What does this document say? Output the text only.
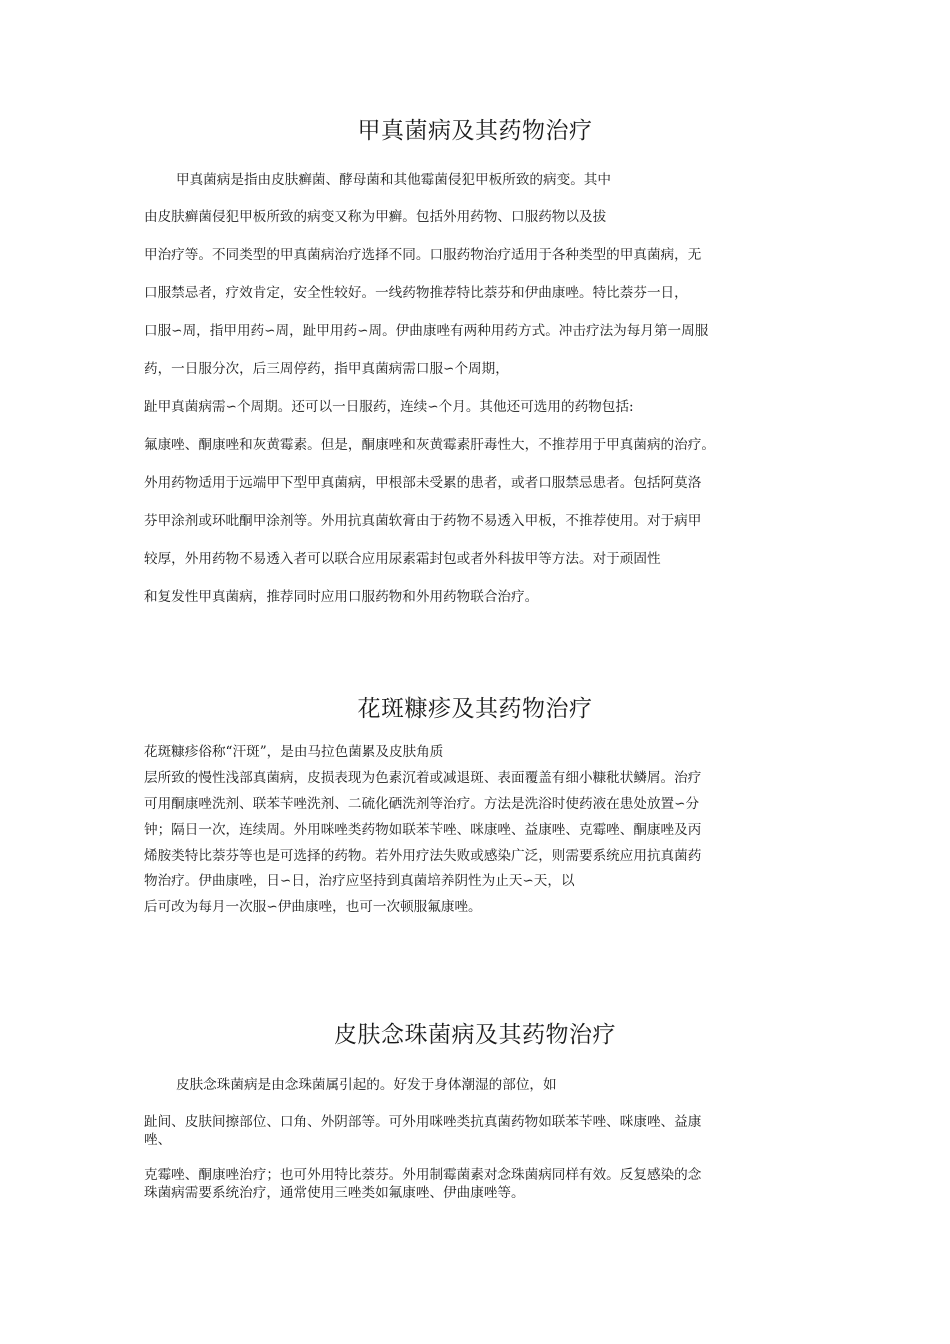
甲真菌病及其药物治疗
甲真菌病是指由皮肤癣菌、酵母菌和其他霉菌侵犯甲板所致的病变。其中
由皮肤癣菌侵犯甲板所致的病变又称为甲癣。包括外用药物、口服药物以及拔
甲治疗等。不同类型的甲真菌病治疗选择不同。口服药物治疗适用于各种类型的甲真菌病，无
口服禁忌者，疗效肯定，安全性较好。一线药物推荐特比萘芬和伊曲康唑。特比萘芬一日，
口服∽周，指甲用药∽周，趾甲用药∽周。伊曲康唑有两种用药方式。冲击疗法为每月第一周服
药，一日服分次，后三周停药，指甲真菌病需口服∽个周期，
趾甲真菌病需∽个周期。还可以一日服药，连续∽个月。其他还可选用的药物包括:
氟康唑、酮康唑和灰黄霉素。但是，酮康唑和灰黄霉素肝毒性大，不推荐用于甲真菌病的治疗。
外用药物适用于远端甲下型甲真菌病，甲根部未受累的患者，或者口服禁忌患者。包括阿莫洛
芬甲涂剂或环吡酮甲涂剂等。外用抗真菌软膏由于药物不易透入甲板，不推荐使用。对于病甲
较厚，外用药物不易透入者可以联合应用尿素霜封包或者外科拔甲等方法。对于顽固性
和复发性甲真菌病，推荐同时应用口服药物和外用药物联合治疗。
花斑糠疹及其药物治疗
花斑糠疹俗称“汗斑”，是由马拉色菌累及皮肤角质
层所致的慢性浅部真菌病，皮损表现为色素沉着或减退斑、表面覆盖有细小糠秕状鳞屑。治疗
可用酮康唑洗剂、联苯苄唑洗剂、二硫化硒洗剂等治疗。方法是洗浴时使药液在患处放置∽分
钟；隔日一次，连续周。外用咪唑类药物如联苯苄唑、咪康唑、益康唑、克霉唑、酮康唑及丙
烯胺类特比萘芬等也是可选择的药物。若外用疗法失败或感染广泛，则需要系统应用抗真菌药
物治疗。伊曲康唑，日∽日，治疗应坚持到真菌培养阴性为止天∽天，以
后可改为每月一次服∽伊曲康唑，也可一次顿服氟康唑。
皮肤念珠菌病及其药物治疗
皮肤念珠菌病是由念珠菌属引起的。好发于身体潮湿的部位，如
趾间、皮肤间擦部位、口角、外阴部等。可外用咪唑类抗真菌药物如联苯苄唑、咪康唑、益康
唑、
克霉唑、酮康唑治疗；也可外用特比萘芬。外用制霉菌素对念珠菌病同样有效。反复感染的念
珠菌病需要系统治疗，通常使用三唑类如氟康唑、伊曲康唑等。
